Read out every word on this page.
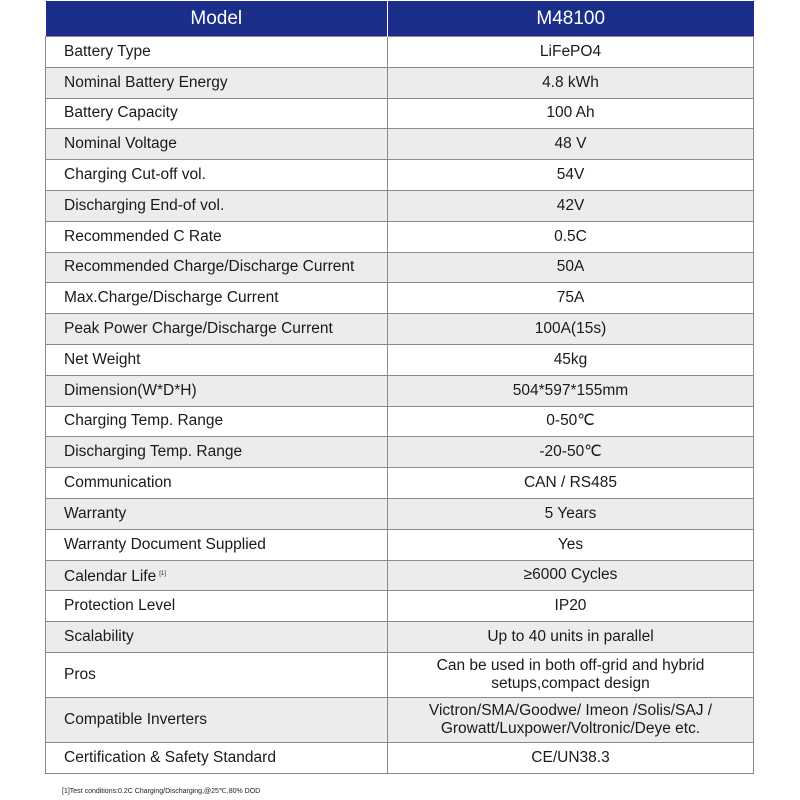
Model	M48100
Battery Type	LiFePO4
Nominal Battery Energy	4.8 kWh
Battery Capacity	100 Ah
Nominal Voltage	48 V
Charging Cut-off vol.	54V
Discharging End-of vol.	42V
Recommended C Rate	0.5C
Recommended Charge/Discharge Current	50A
Max.Charge/Discharge Current	75A
Peak Power Charge/Discharge Current	100A(15s)
Net Weight	45kg
Dimension(W*D*H)	504*597*155mm
Charging Temp. Range	0-50℃
Discharging Temp. Range	-20-50℃
Communication	CAN / RS485
Warranty	5 Years
Warranty Document Supplied	Yes
Calendar Life [1]	≥6000 Cycles
Protection Level	IP20
Scalability	Up to 40 units in parallel
Pros	Can be used in both off-grid and hybrid
setups,compact design
Compatible Inverters	Victron/SMA/Goodwe/ Imeon /Solis/SAJ /
Growatt/Luxpower/Voltronic/Deye etc.
Certification & Safety Standard	CE/UN38.3
[1]Test conditions:0.2C Charging/Discharging,@25℃,80% DOD
